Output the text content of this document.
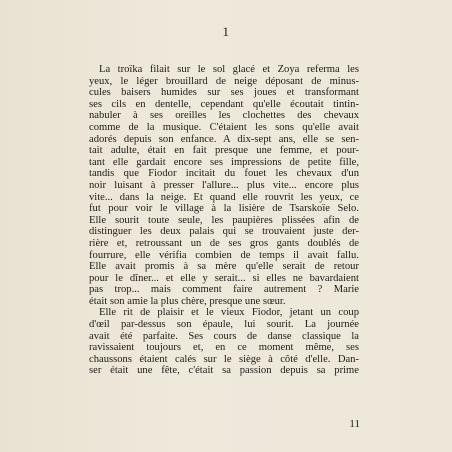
1
La troïka filait sur le sol glacé et Zoya referma les
yeux, le léger brouillard de neige déposant de minus-
cules baisers humides sur ses joues et transformant
ses cils en dentelle, cependant qu'elle écoutait tintin-
nabuler à ses oreilles les clochettes des chevaux
comme de la musique. C'étaient les sons qu'elle avait
adorés depuis son enfance. A dix-sept ans, elle se sen-
tait adulte, était en fait presque une femme, et pour-
tant elle gardait encore ses impressions de petite fille,
tandis que Fiodor incitait du fouet les chevaux d'un
noir luisant à presser l'allure... plus vite... encore plus
vite... dans la neige. Et quand elle rouvrit les yeux, ce
fut pour voir le village à la lisière de Tsarskoïe Selo.
Elle sourit toute seule, les paupières plissées afin de
distinguer les deux palais qui se trouvaient juste der-
rière et, retroussant un de ses gros gants doublés de
fourrure, elle vérifia combien de temps il avait fallu.
Elle avait promis à sa mère qu'elle serait de retour
pour le dîner... et elle y serait... si elles ne bavardaient
pas trop... mais comment faire autrement ? Marie
était son amie la plus chère, presque une sœur.
Elle rit de plaisir et le vieux Fiodor, jetant un coup
d'œil par-dessus son épaule, lui sourit. La journée
avait été parfaite. Ses cours de danse classique la
ravissaient toujours et, en ce moment même, ses
chaussons étaient calés sur le siège à côté d'elle. Dan-
ser était une fête, c'était sa passion depuis sa prime
11
